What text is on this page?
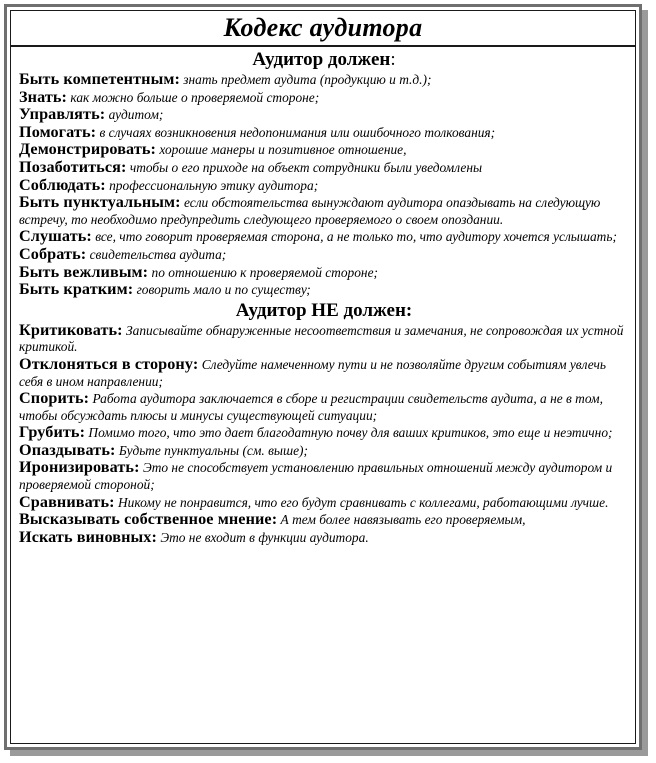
Кодекс аудитора
Аудитор должен:
Быть компетентным: знать предмет аудита (продукцию и т.д.);
Знать: как можно больше о проверяемой стороне;
Управлять: аудитом;
Помогать: в случаях возникновения недопонимания или ошибочного толкования;
Демонстрировать: хорошие манеры и позитивное отношение,
Позаботиться: чтобы о его приходе на объект сотрудники были уведомлены
Соблюдать: профессиональную этику аудитора;
Быть пунктуальным: если обстоятельства вынуждают аудитора опаздывать на следующую встречу, то необходимо предупредить следующего проверяемого о своем опоздании.
Слушать: все, что говорит проверяемая сторона, а не только то, что аудитору хочется услышать;
Собрать: свидетельства аудита;
Быть вежливым: по отношению к проверяемой стороне;
Быть кратким: говорить мало и по существу;
Аудитор НЕ должен:
Критиковать: Записывайте обнаруженные несоответствия и замечания, не сопровождая их устной критикой.
Отклоняться в сторону: Следуйте намеченному пути и не позволяйте другим событиям увлечь себя в ином направлении;
Спорить: Работа аудитора заключается в сборе и регистрации свидетельств аудита, а не в том, чтобы обсуждать плюсы и минусы существующей ситуации;
Грубить: Помимо того, что это дает благодатную почву для ваших критиков, это еще и неэтично;
Опаздывать: Будьте пунктуальны (см. выше);
Иронизировать: Это не способствует установлению правильных отношений между аудитором и проверяемой стороной;
Сравнивать: Никому не понравится, что его будут сравнивать с коллегами, работающими лучше.
Высказывать собственное мнение: А тем более навязывать его проверяемым,
Искать виновных: Это не входит в функции аудитора.
